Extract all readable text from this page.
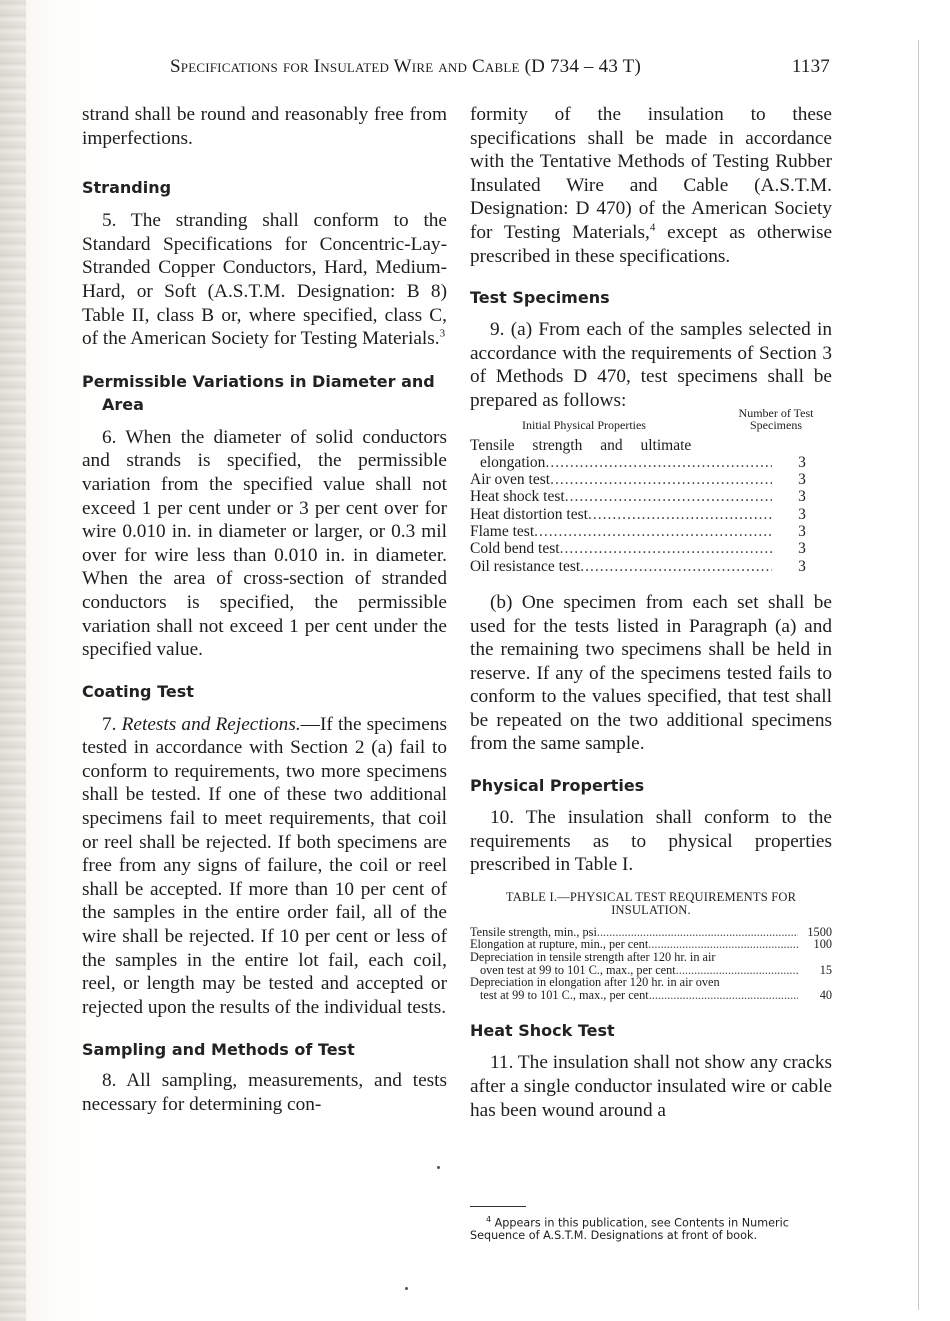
Specifications for Insulated Wire and Cable (D 734 – 43 T)	1137

strand shall be round and reasonably free from imperfections.

Stranding

5. The stranding shall conform to the Standard Specifications for Concentric-Lay-Stranded Copper Conductors, Hard, Medium-Hard, or Soft (A.S.T.M. Designation: B 8) Table II, class B or, where specified, class C, of the American Society for Testing Materials.$^3$

Permissible Variations in Diameter and Area

6. When the diameter of solid conductors and strands is specified, the permissible variation from the specified value shall not exceed 1 per cent under or 3 per cent over for wire 0.010 in. in diameter or larger, or 0.3 mil over for wire less than 0.010 in. in diameter. When the area of cross-section of stranded conductors is specified, the permissible variation shall not exceed 1 per cent under the specified value.

Coating Test

7. Retests and Rejections.—If the specimens tested in accordance with Section 2 (a) fail to conform to requirements, two more specimens shall be tested. If one of these two additional specimens fail to meet requirements, that coil or reel shall be rejected. If both specimens are free from any signs of failure, the coil or reel shall be accepted. If more than 10 per cent of the samples in the entire order fail, all of the wire shall be rejected. If 10 per cent or less of the samples in the entire lot fail, each coil, reel, or length may be tested and accepted or rejected upon the results of the individual tests.

Sampling and Methods of Test

8. All sampling, measurements, and tests necessary for determining con-

formity of the insulation to these specifications shall be made in accordance with the Tentative Methods of Testing Rubber Insulated Wire and Cable (A.S.T.M. Designation: D 470) of the American Society for Testing Materials,$^4$ except as otherwise prescribed in these specifications.

Test Specimens

9. (a) From each of the samples selected in accordance with the requirements of Section 3 of Methods D 470, test specimens shall be prepared as follows:

Initial Physical Properties
Number of Test Specimens
Tensile strength and ultimate
elongation .....	3
Air oven test .....	3
Heat shock test .....	3
Heat distortion test .....	3
Flame test .....	3
Cold bend test .....	3
Oil resistance test .....	3

(b) One specimen from each set shall be used for the tests listed in Paragraph (a) and the remaining two specimens shall be held in reserve. If any of the specimens tested fails to conform to the values specified, that test shall be repeated on the two additional specimens from the same sample.

Physical Properties

10. The insulation shall conform to the requirements as to physical properties prescribed in Table I.

TABLE I.—PHYSICAL TEST REQUIREMENTS FOR INSULATION.
Tensile strength, min., psi .....	1500
Elongation at rupture, min., per cent .....	100
Depreciation in tensile strength after 120 hr. in air
oven test at 99 to 101 C., max., per cent .....	15
Depreciation in elongation after 120 hr. in air oven
test at 99 to 101 C., max., per cent .....	40
Heat Shock Test

11. The insulation shall not show any cracks after a single conductor insulated wire or cable has been wound around a

$^4$ Appears in this publication, see Contents in Numeric Sequence of A.S.T.M. Designations at front of book.
